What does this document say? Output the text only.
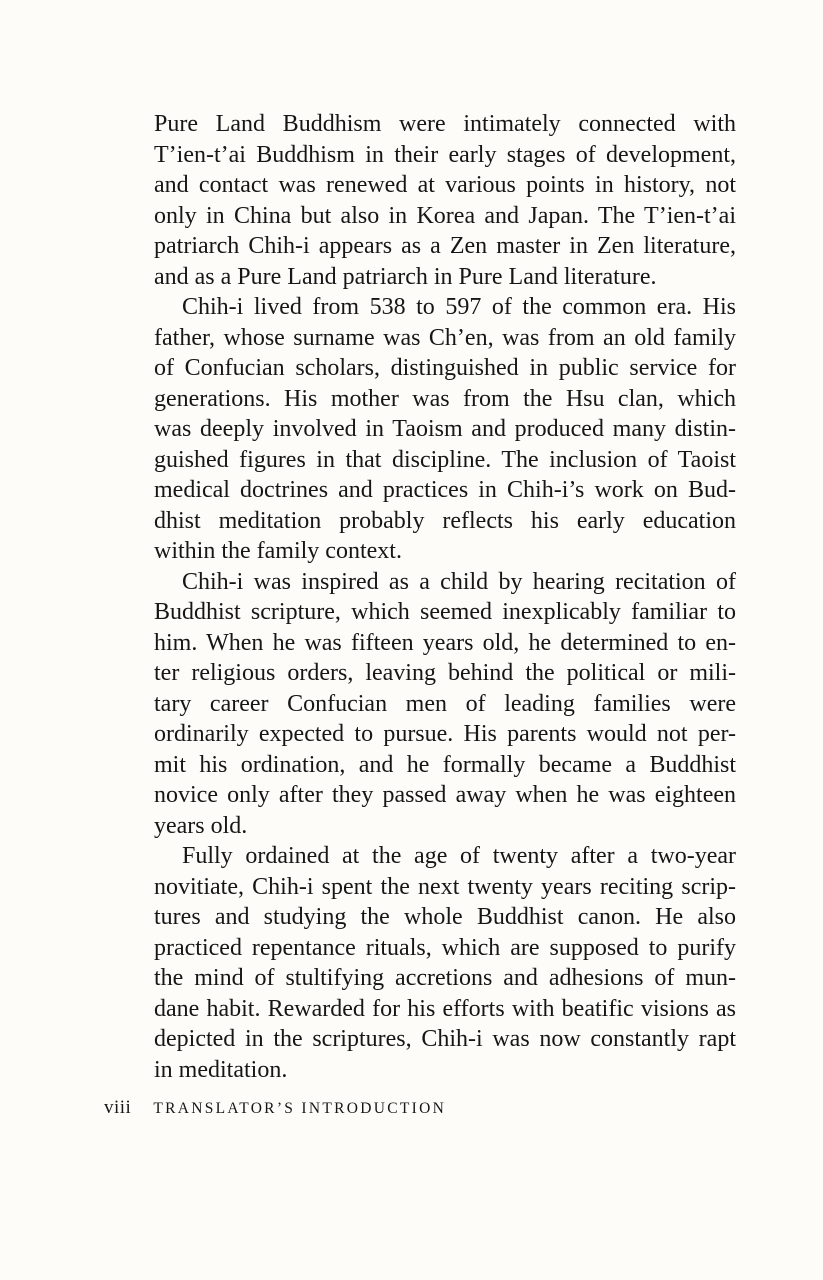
Pure Land Buddhism were intimately connected with
T’ien-t’ai Buddhism in their early stages of development,
and contact was renewed at various points in history, not
only in China but also in Korea and Japan. The T’ien-t’ai
patriarch Chih-i appears as a Zen master in Zen literature,
and as a Pure Land patriarch in Pure Land literature.
Chih-i lived from 538 to 597 of the common era. His
father, whose surname was Ch’en, was from an old family
of Confucian scholars, distinguished in public service for
generations. His mother was from the Hsu clan, which
was deeply involved in Taoism and produced many distin-
guished figures in that discipline. The inclusion of Taoist
medical doctrines and practices in Chih-i’s work on Bud-
dhist meditation probably reflects his early education
within the family context.
Chih-i was inspired as a child by hearing recitation of
Buddhist scripture, which seemed inexplicably familiar to
him. When he was fifteen years old, he determined to en-
ter religious orders, leaving behind the political or mili-
tary career Confucian men of leading families were
ordinarily expected to pursue. His parents would not per-
mit his ordination, and he formally became a Buddhist
novice only after they passed away when he was eighteen
years old.
Fully ordained at the age of twenty after a two-year
novitiate, Chih-i spent the next twenty years reciting scrip-
tures and studying the whole Buddhist canon. He also
practiced repentance rituals, which are supposed to purify
the mind of stultifying accretions and adhesions of mun-
dane habit. Rewarded for his efforts with beatific visions as
depicted in the scriptures, Chih-i was now constantly rapt
in meditation.
viii TRANSLATOR’S INTRODUCTION
